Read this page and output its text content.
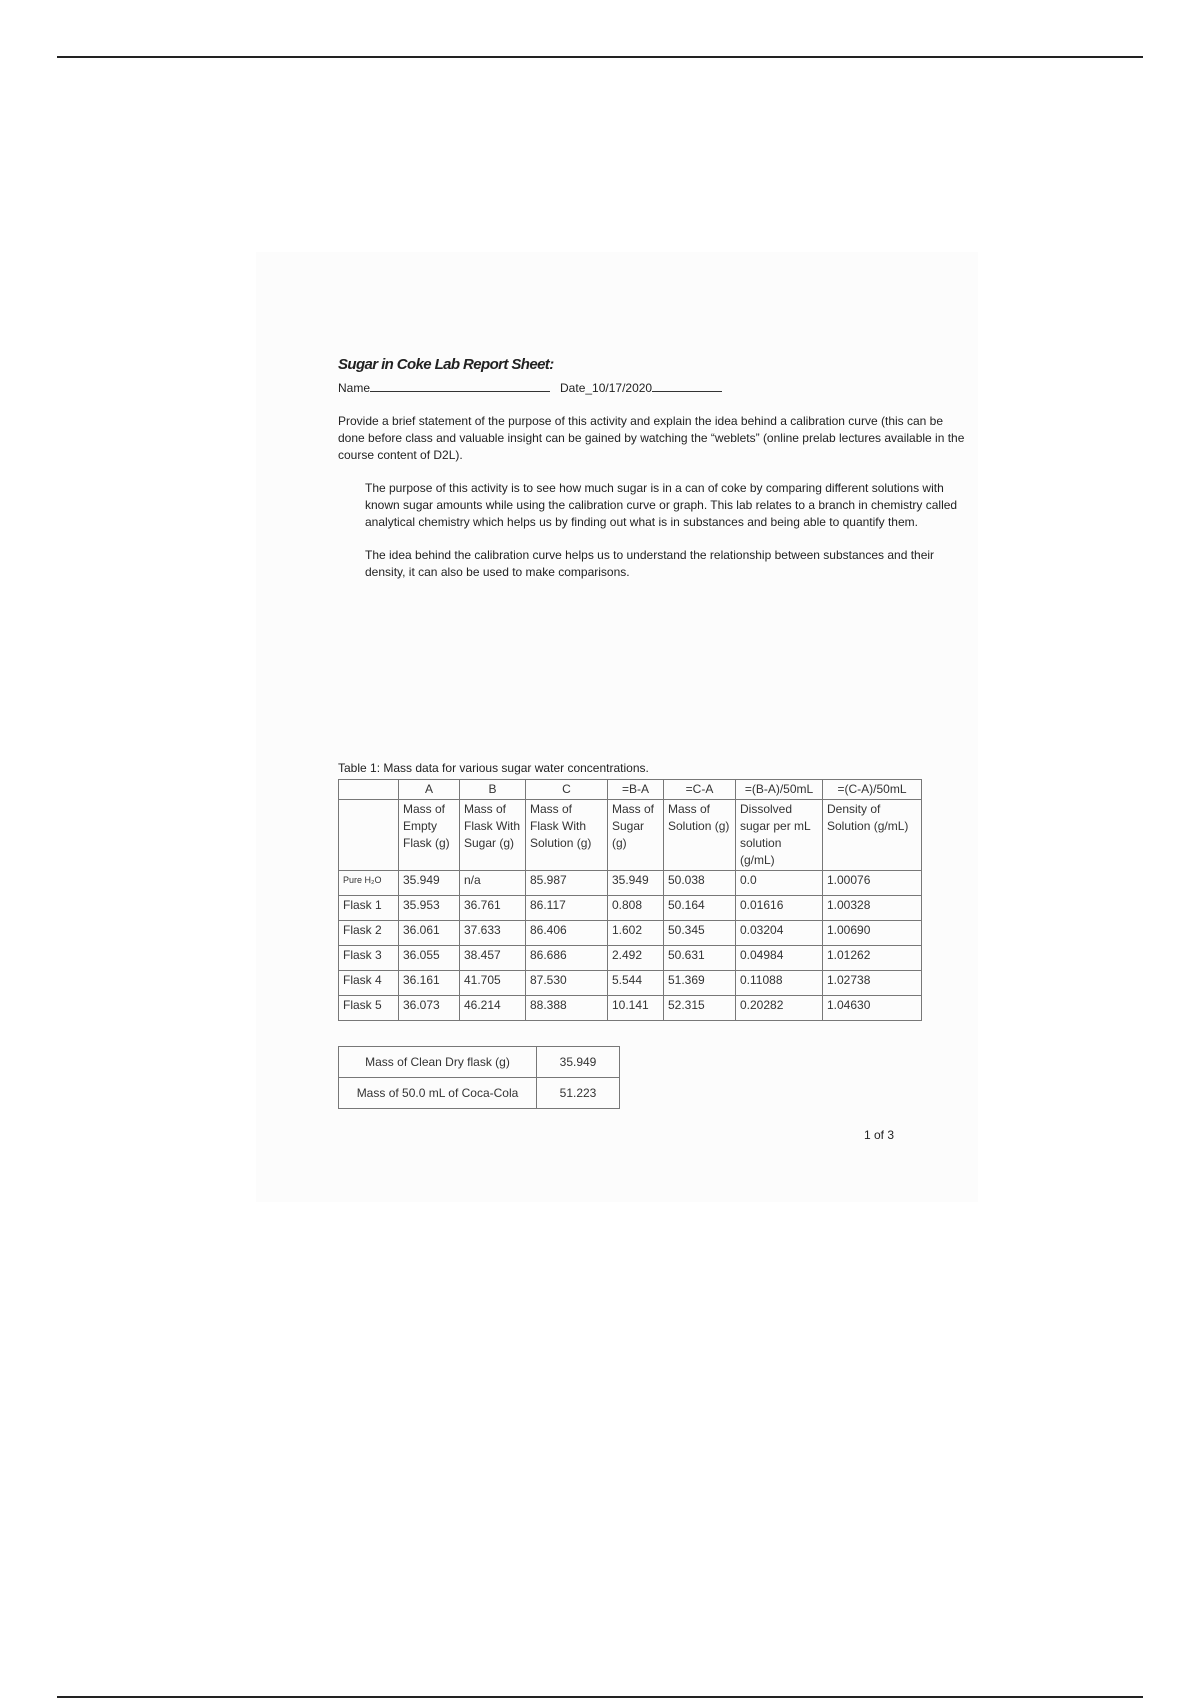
Sugar in Coke Lab Report Sheet:
Name	Date_10/17/2020

Provide a brief statement of the purpose of this activity and explain the idea behind a calibration curve (this can be done before class and valuable insight can be gained by watching the “weblets” (online prelab lectures available in the course content of D2L).

The purpose of this activity is to see how much sugar is in a can of coke by comparing different solutions with known sugar amounts while using the calibration curve or graph. This lab relates to a branch in chemistry called analytical chemistry which helps us by finding out what is in substances and being able to quantify them.

The idea behind the calibration curve helps us to understand the relationship between substances and their density, it can also be used to make comparisons.

Table 1: Mass data for various sugar water concentrations.
	A	B	C	=B-A	=C-A	=(B-A)/50mL	=(C-A)/50mL
	Mass of Empty Flask (g)	Mass of Flask With Sugar (g)	Mass of Flask With Solution (g)	Mass of Sugar (g)	Mass of Solution (g)	Dissolved sugar per mL solution (g/mL)	Density of Solution (g/mL)
Pure H₂O	35.949	n/a	85.987	35.949	50.038	0.0	1.00076
Flask 1	35.953	36.761	86.117	0.808	50.164	0.01616	1.00328
Flask 2	36.061	37.633	86.406	1.602	50.345	0.03204	1.00690
Flask 3	36.055	38.457	86.686	2.492	50.631	0.04984	1.01262
Flask 4	36.161	41.705	87.530	5.544	51.369	0.11088	1.02738
Flask 5	36.073	46.214	88.388	10.141	52.315	0.20282	1.04630
Mass of Clean Dry flask (g)	35.949
Mass of 50.0 mL of Coca-Cola	51.223
1 of 3
